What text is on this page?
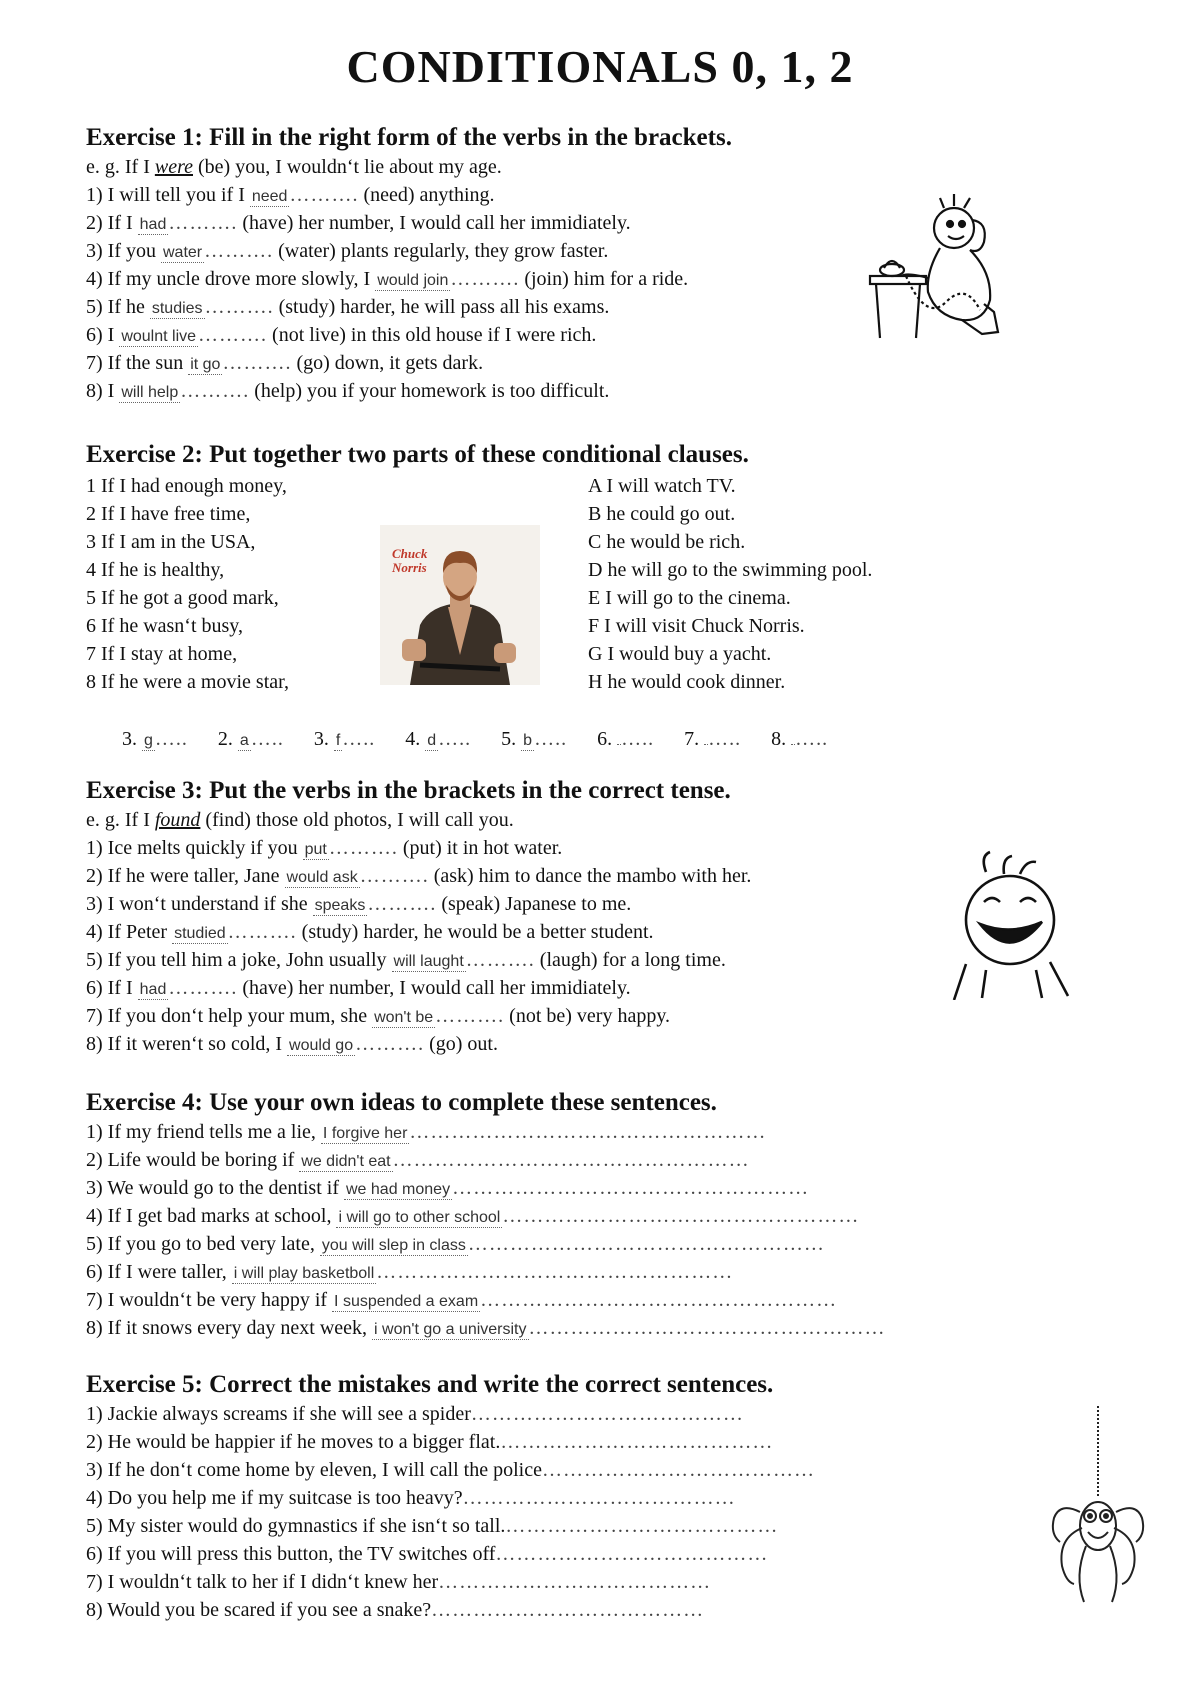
CONDITIONALS 0, 1, 2
Exercise 1: Fill in the right form of the verbs in the brackets.
e. g. If I were (be) you, I wouldn‘t lie about my age.
1) I will tell you if I need ………. (need) anything.
2) If I had ………. (have) her number, I would call her immidiately.
3) If you water ………. (water) plants regularly, they grow faster.
4) If my uncle drove more slowly, I would join ………. (join) him for a ride.
5) If he studies ………. (study) harder, he will pass all his exams.
6) I woulnt live ………. (not live) in this old house if I were rich.
7) If the sun it go ………. (go) down, it gets dark.
8) I will help ………. (help) you if your homework is too difficult.
Exercise 2: Put together two parts of these conditional clauses.
1 If I had enough money,
2 If I have free time,
3 If I am in the USA,
4 If he is healthy,
5 If he got a good mark,
6 If he wasn‘t busy,
7 If I stay at home,
8 If he were a movie star,
A I will watch TV.
B he could go out.
C he would be rich.
D he will go to the swimming pool.
E I will go to the cinema.
F I will visit Chuck Norris.
G I would buy a yacht.
H he would cook dinner.
3. g ….. 2. a ….. 3. f ….. 4. d ….. 5. b ….. 6. ….. 7. ….. 8. …..
Chuck Norris
Exercise 3: Put the verbs in the brackets in the correct tense.
e. g. If I found (find) those old photos, I will call you.
1) Ice melts quickly if you put ………. (put) it in hot water.
2) If he were taller, Jane would ask ………. (ask) him to dance the mambo with her.
3) I won‘t understand if she speaks ………. (speak) Japanese to me.
4) If Peter studied ………. (study) harder, he would be a better student.
5) If you tell him a joke, John usually will laught ………. (laugh) for a long time.
6) If I had ………. (have) her number, I would call her immidiately.
7) If you don‘t help your mum, she won't be ………. (not be) very happy.
8) If it weren‘t so cold, I would go ………. (go) out.
Exercise 4: Use your own ideas to complete these sentences.
1) If my friend tells me a lie, I forgive her ……………………………………………
2) Life would be boring if we didn't eat ……………………………………………
3) We would go to the dentist if we had money ……………………………………………
4) If I get bad marks at school, i will go to other school ……………………………………………
5) If you go to bed very late, you will slep in class ……………………………………………
6) If I were taller, i will play basketboll ……………………………………………
7) I wouldn‘t be very happy if I suspended a exam ……………………………………………
8) If it snows every day next week, i won't go a university ……………………………………………
Exercise 5: Correct the mistakes and write the correct sentences.
1) Jackie always screams if she will see a spider…………………………………
2) He would be happier if he moves to a bigger flat.…………………………………
3) If he don‘t come home by eleven, I will call the police…………………………………
4) Do you help me if my suitcase is too heavy?…………………………………
5) My sister would do gymnastics if she isn‘t so tall.…………………………………
6) If you will press this button, the TV switches off…………………………………
7) I wouldn‘t talk to her if I didn‘t knew her…………………………………
8) Would you be scared if you see a snake?…………………………………
